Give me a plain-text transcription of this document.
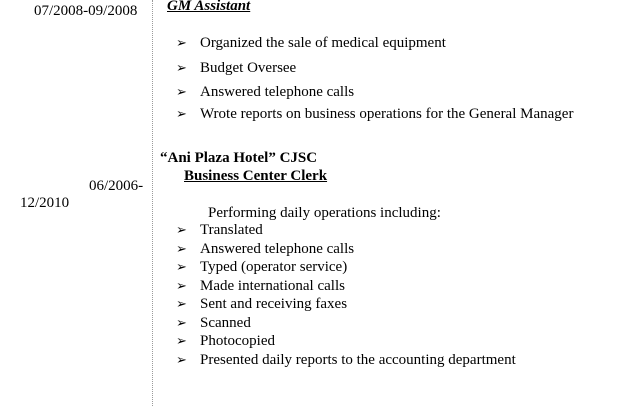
07/2008-09/2008 GM Assistant
➢ Organized the sale of medical equipment
➢ Budget Oversee
➢ Answered telephone calls
➢ Wrote reports on business operations for the General Manager
“Ani Plaza Hotel” CJSC
Business Center Clerk
06/2006-
12/2010
Performing daily operations including:
➢ Translated
➢ Answered telephone calls
➢ Typed (operator service)
➢ Made international calls
➢ Sent and receiving faxes
➢ Scanned
➢ Photocopied
➢ Presented daily reports to the accounting department
